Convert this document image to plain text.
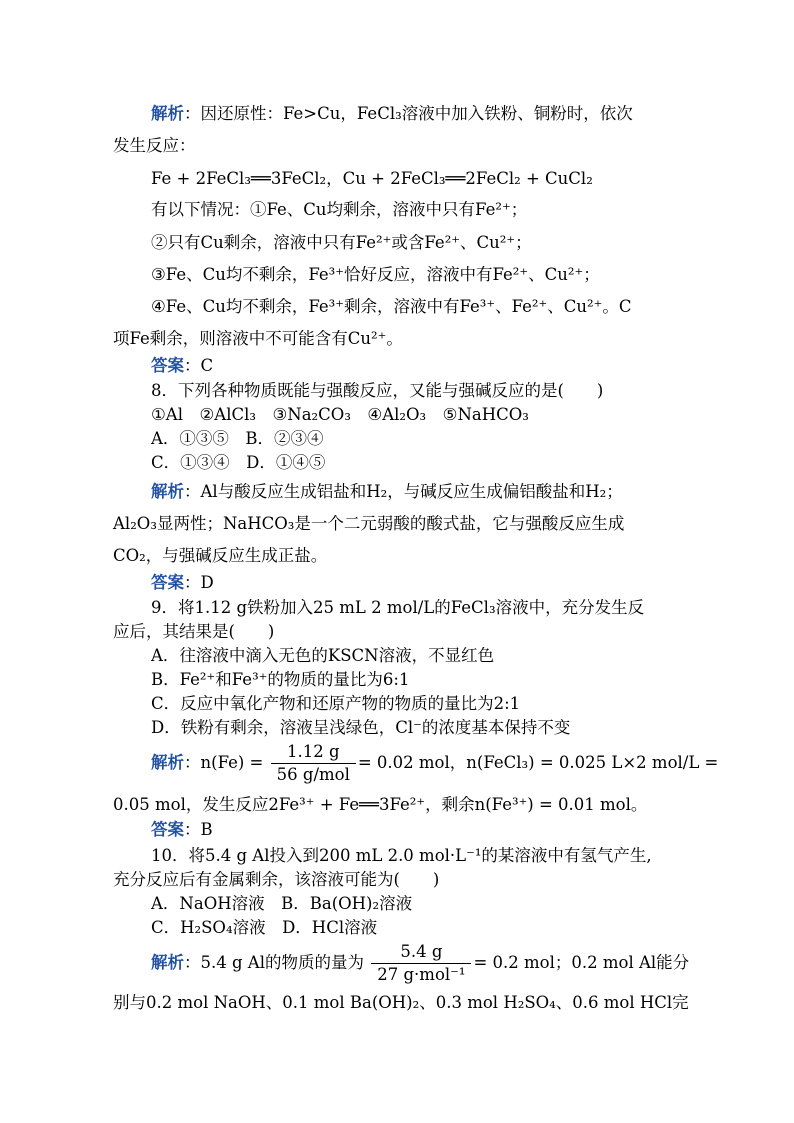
解析：因还原性：Fe>Cu，FeCl₃溶液中加入铁粉、铜粉时，依次
发生反应：
Fe + 2FeCl₃══3FeCl₂，Cu + 2FeCl₃══2FeCl₂ + CuCl₂
有以下情况：①Fe、Cu均剩余，溶液中只有Fe²⁺；
②只有Cu剩余，溶液中只有Fe²⁺或含Fe²⁺、Cu²⁺；
③Fe、Cu均不剩余，Fe³⁺恰好反应，溶液中有Fe²⁺、Cu²⁺；
④Fe、Cu均不剩余，Fe³⁺剩余，溶液中有Fe³⁺、Fe²⁺、Cu²⁺。C
项Fe剩余，则溶液中不可能含有Cu²⁺。
答案：C
8．下列各种物质既能与强酸反应，又能与强碱反应的是(　　)
①Al　②AlCl₃　③Na₂CO₃　④Al₂O₃　⑤NaHCO₃
A．①③⑤　B．②③④
C．①③④　D．①④⑤
解析：Al与酸反应生成铝盐和H₂，与碱反应生成偏铝酸盐和H₂；
Al₂O₃显两性；NaHCO₃是一个二元弱酸的酸式盐，它与强酸反应生成
CO₂，与强碱反应生成正盐。
答案：D
9．将1.12 g铁粉加入25 mL 2 mol/L的FeCl₃溶液中，充分发生反
应后，其结果是(　　)
A．往溶液中滴入无色的KSCN溶液，不显红色
B．Fe²⁺和Fe³⁺的物质的量比为6:1
C．反应中氧化产物和还原产物的物质的量比为2:1
D．铁粉有剩余，溶液呈浅绿色，Cl⁻的浓度基本保持不变
解析：$n(Fe) = \frac{1.12 g}{\text{56 g/mol}} = 0.02$ mol，n(FeCl₃) = 0.025 L×2 mol/L =
0.05 mol，发生反应2Fe³⁺ + Fe══3Fe²⁺，剩余n(Fe³⁺) = 0.01 mol。
答案：B
10．将5.4 g Al投入到200 mL 2.0 mol·L⁻¹的某溶液中有氢气产生,
充分反应后有金属剩余，该溶液可能为(　　)
A．NaOH溶液　B．Ba(OH)₂溶液
C．H₂SO₄溶液　D．HCl溶液
解析：5.4 g Al的物质的量为 $\frac{5.4 g}{\text{27 g·mol⁻¹}} = 0.2$ mol；0.2 mol Al能分
别与0.2 mol NaOH、0.1 mol Ba(OH)₂、0.3 mol H₂SO₄、0.6 mol HCl完
